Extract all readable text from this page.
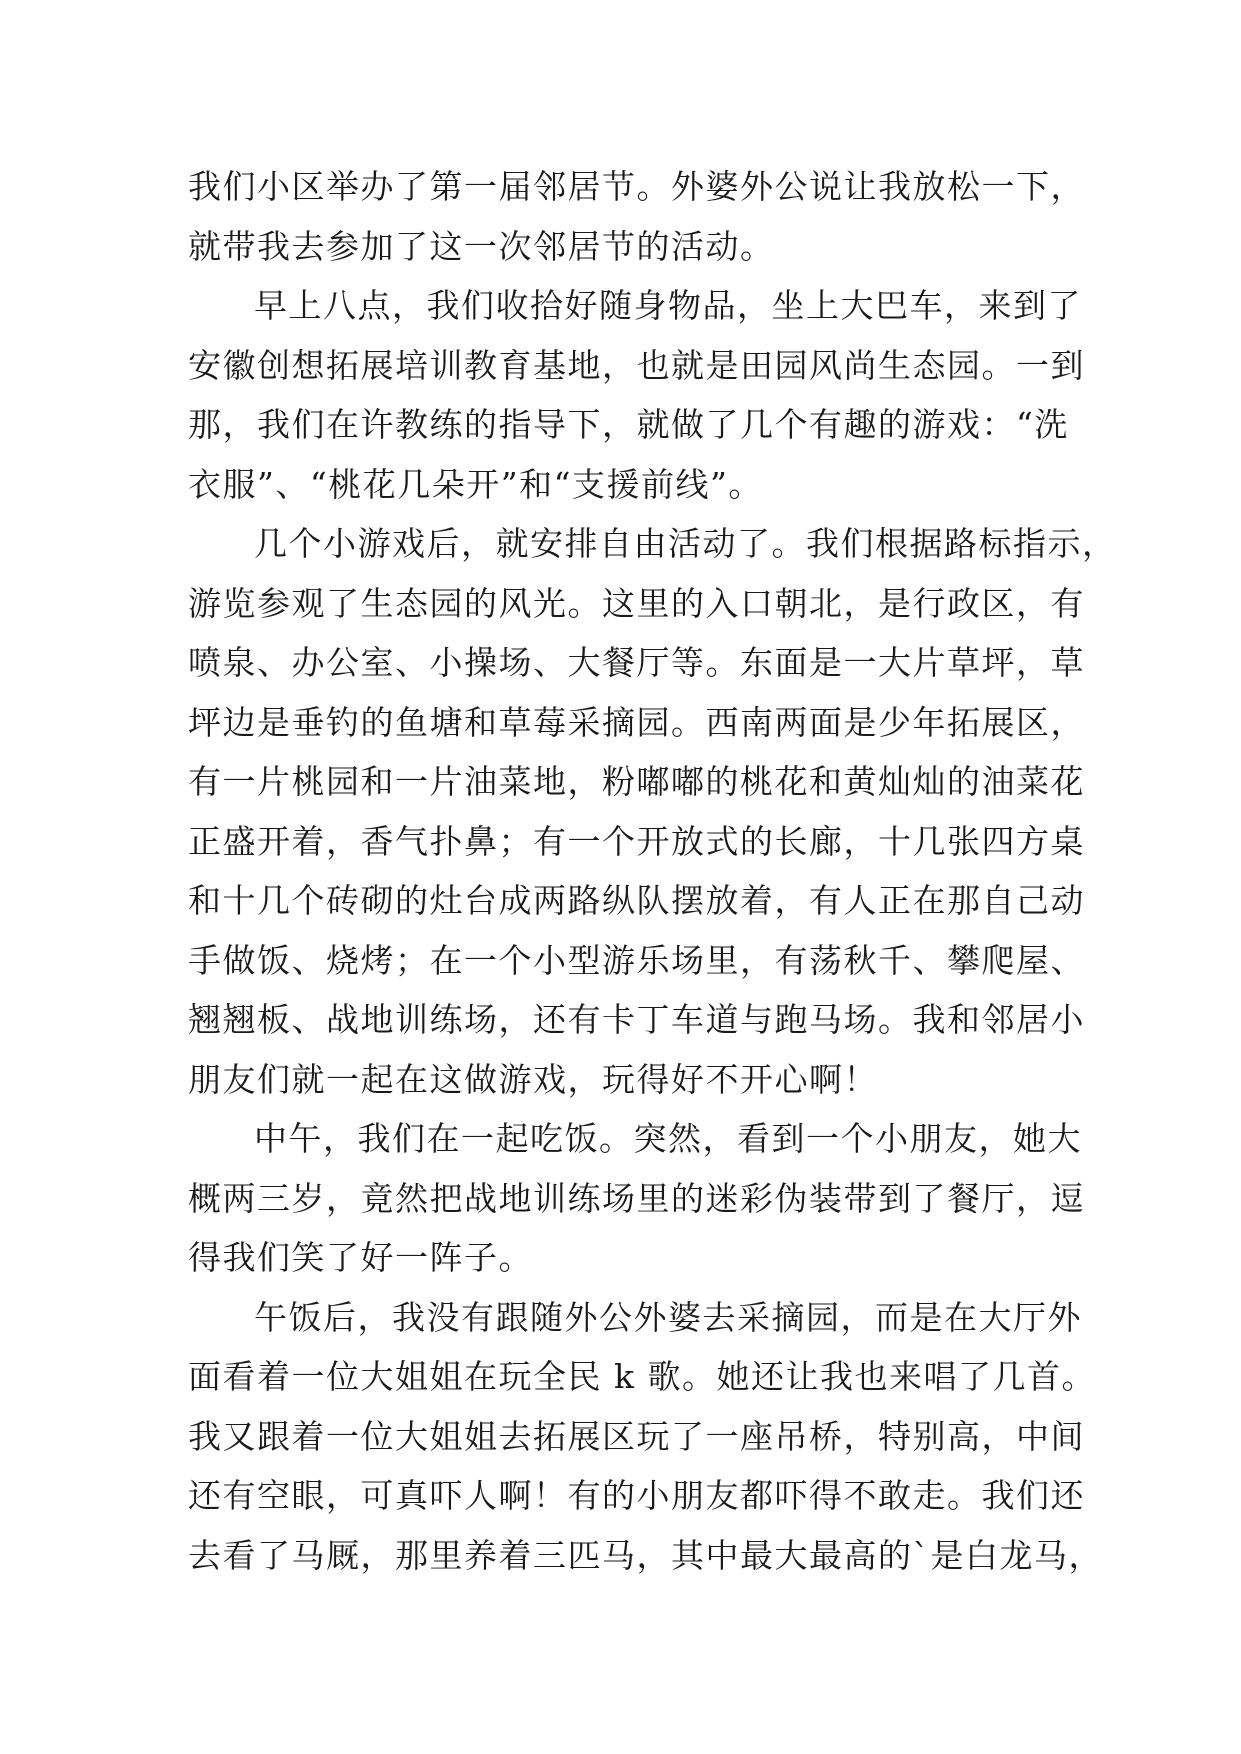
我们小区举办了第一届邻居节。外婆外公说让我放松一下，
就带我去参加了这一次邻居节的活动。
早上八点，我们收拾好随身物品，坐上大巴车，来到了
安徽创想拓展培训教育基地，也就是田园风尚生态园。一到
那，我们在许教练的指导下，就做了几个有趣的游戏：“洗
衣服”、“桃花几朵开”和“支援前线”。
几个小游戏后，就安排自由活动了。我们根据路标指示，
游览参观了生态园的风光。这里的入口朝北，是行政区，有
喷泉、办公室、小操场、大餐厅等。东面是一大片草坪，草
坪边是垂钓的鱼塘和草莓采摘园。西南两面是少年拓展区，
有一片桃园和一片油菜地，粉嘟嘟的桃花和黄灿灿的油菜花
正盛开着，香气扑鼻；有一个开放式的长廊，十几张四方桌
和十几个砖砌的灶台成两路纵队摆放着，有人正在那自己动
手做饭、烧烤；在一个小型游乐场里，有荡秋千、攀爬屋、
翘翘板、战地训练场，还有卡丁车道与跑马场。我和邻居小
朋友们就一起在这做游戏，玩得好不开心啊！
中午，我们在一起吃饭。突然，看到一个小朋友，她大
概两三岁，竟然把战地训练场里的迷彩伪装带到了餐厅，逗
得我们笑了好一阵子。
午饭后，我没有跟随外公外婆去采摘园，而是在大厅外
面看着一位大姐姐在玩全民 k 歌。她还让我也来唱了几首。
我又跟着一位大姐姐去拓展区玩了一座吊桥，特别高，中间
还有空眼，可真吓人啊！有的小朋友都吓得不敢走。我们还
去看了马厩，那里养着三匹马，其中最大最高的`是白龙马，
